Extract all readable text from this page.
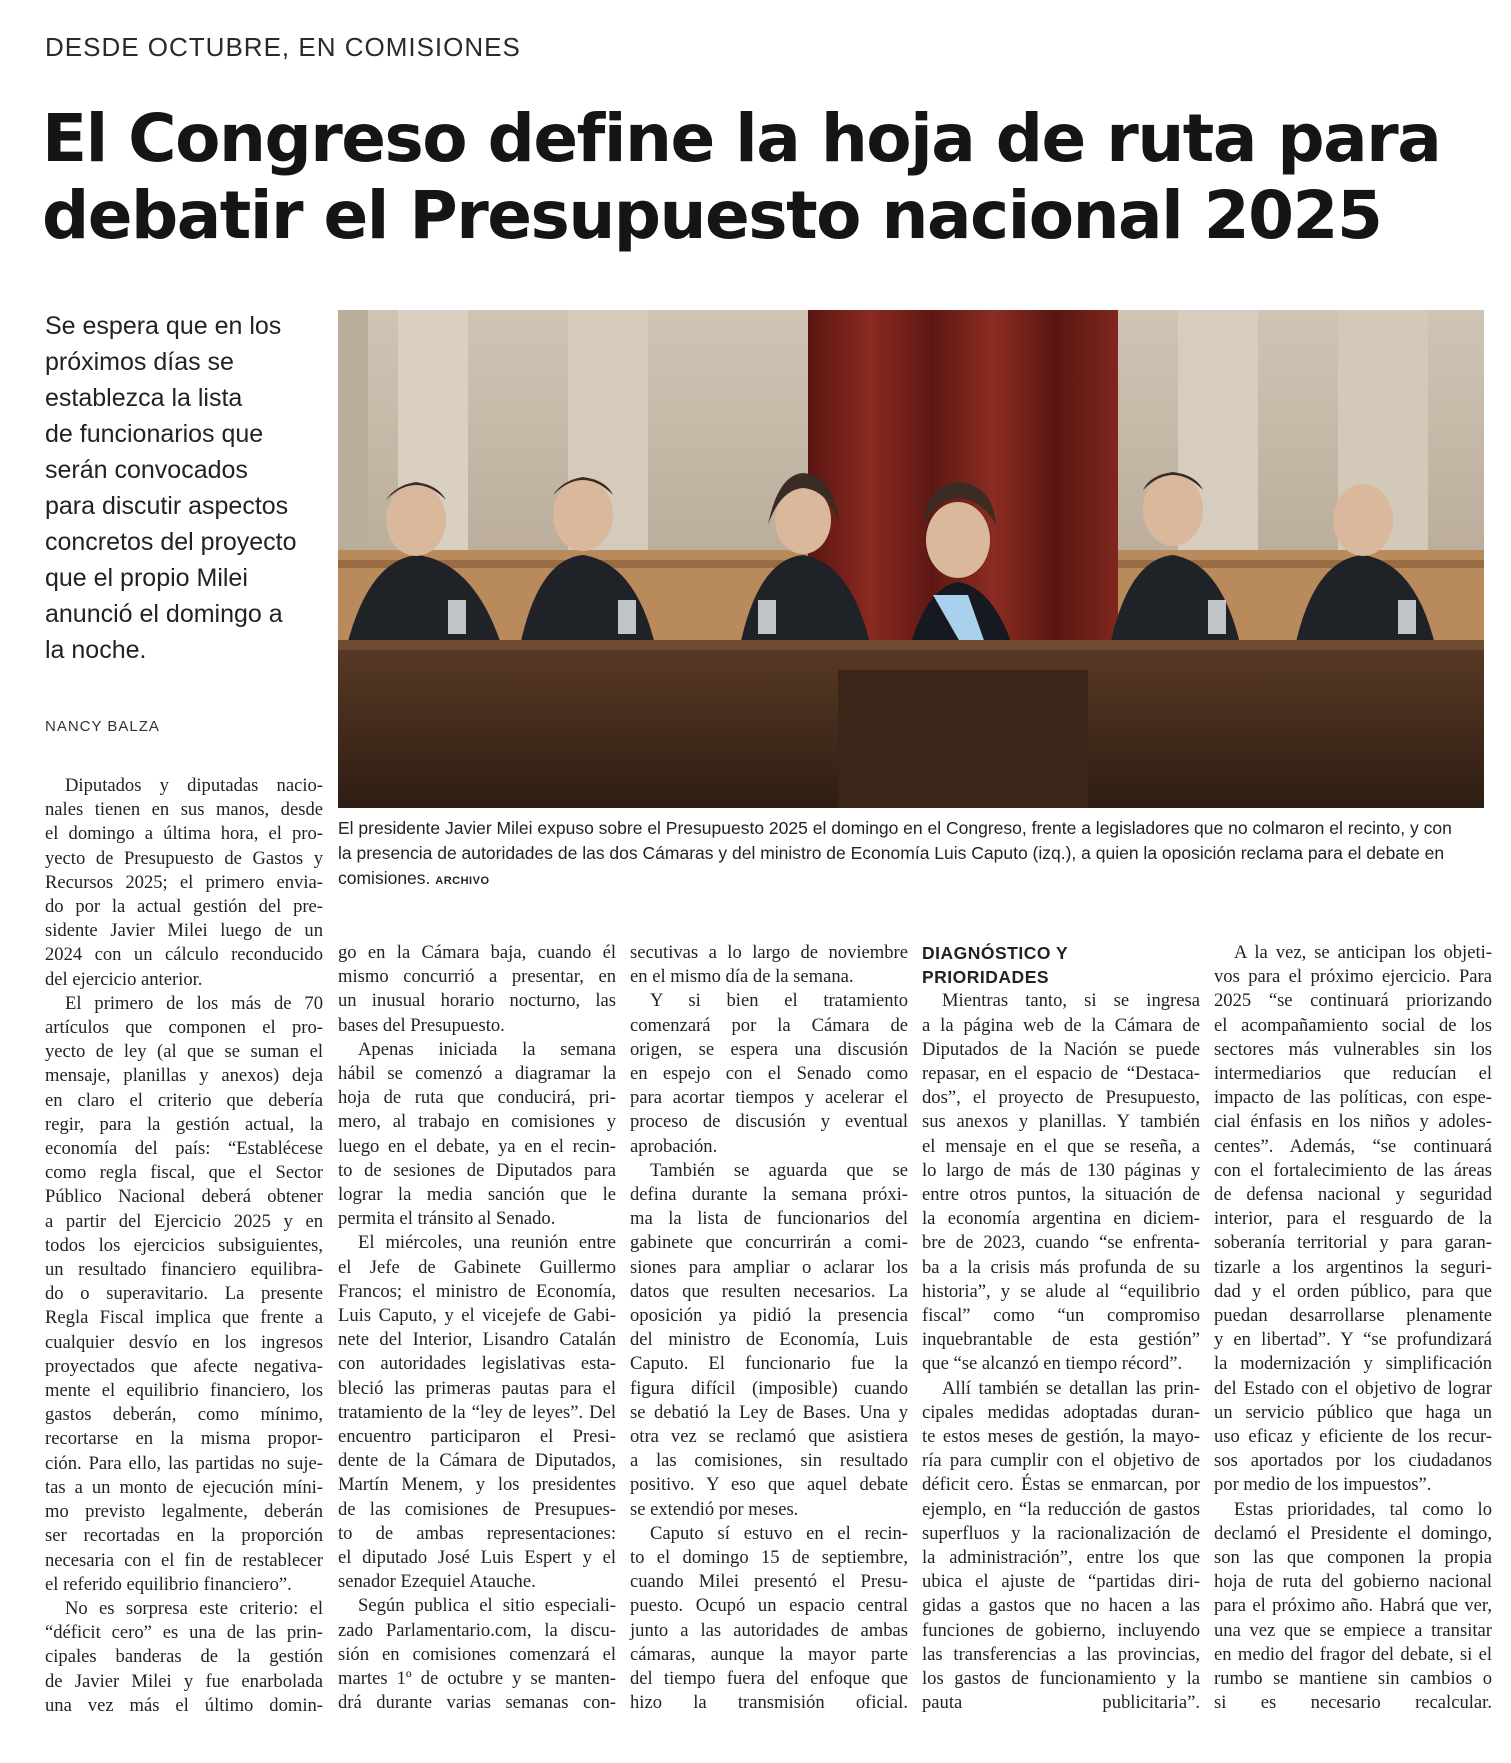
DESDE OCTUBRE, EN COMISIONES
El Congreso define la hoja de ruta para
debatir el Presupuesto nacional 2025
Se espera que en los
próximos días se
establezca la lista
de funcionarios que
serán convocados
para discutir aspectos
concretos del proyecto
que el propio Milei
anunció el domingo a
la noche.
NANCY BALZA
El presidente Javier Milei expuso sobre el Presupuesto 2025 el domingo en el Congreso, frente a legisladores que no colmaron el recinto, y con
la presencia de autoridades de las dos Cámaras y del ministro de Economía Luis Caputo (izq.), a quien la oposición reclama para el debate en
comisiones. ARCHIVO
Diputados y diputadas nacio-
nales tienen en sus manos, desde
el domingo a última hora, el pro-
yecto de Presupuesto de Gastos y
Recursos 2025; el primero envia-
do por la actual gestión del pre-
sidente Javier Milei luego de un
2024 con un cálculo reconducido
del ejercicio anterior.
El primero de los más de 70
artículos que componen el pro-
yecto de ley (al que se suman el
mensaje, planillas y anexos) deja
en claro el criterio que debería
regir, para la gestión actual, la
economía del país: “Establécese
como regla fiscal, que el Sector
Público Nacional deberá obtener
a partir del Ejercicio 2025 y en
todos los ejercicios subsiguientes,
un resultado financiero equilibra-
do o superavitario. La presente
Regla Fiscal implica que frente a
cualquier desvío en los ingresos
proyectados que afecte negativa-
mente el equilibrio financiero, los
gastos deberán, como mínimo,
recortarse en la misma propor-
ción. Para ello, las partidas no suje-
tas a un monto de ejecución míni-
mo previsto legalmente, deberán
ser recortadas en la proporción
necesaria con el fin de restablecer
el referido equilibrio financiero”.
No es sorpresa este criterio: el
“déficit cero” es una de las prin-
cipales banderas de la gestión
de Javier Milei y fue enarbolada
una vez más el último domin-
go en la Cámara baja, cuando él
mismo concurrió a presentar, en
un inusual horario nocturno, las
bases del Presupuesto.
Apenas iniciada la semana
hábil se comenzó a diagramar la
hoja de ruta que conducirá, pri-
mero, al trabajo en comisiones y
luego en el debate, ya en el recin-
to de sesiones de Diputados para
lograr la media sanción que le
permita el tránsito al Senado.
El miércoles, una reunión entre
el Jefe de Gabinete Guillermo
Francos; el ministro de Economía,
Luis Caputo, y el vicejefe de Gabi-
nete del Interior, Lisandro Catalán
con autoridades legislativas esta-
bleció las primeras pautas para el
tratamiento de la “ley de leyes”. Del
encuentro participaron el Presi-
dente de la Cámara de Diputados,
Martín Menem, y los presidentes
de las comisiones de Presupues-
to de ambas representaciones:
el diputado José Luis Espert y el
senador Ezequiel Atauche.
Según publica el sitio especiali-
zado Parlamentario.com, la discu-
sión en comisiones comenzará el
martes 1º de octubre y se manten-
drá durante varias semanas con-
secutivas a lo largo de noviembre
en el mismo día de la semana.
Y si bien el tratamiento
comenzará por la Cámara de
origen, se espera una discusión
en espejo con el Senado como
para acortar tiempos y acelerar el
proceso de discusión y eventual
aprobación.
También se aguarda que se
defina durante la semana próxi-
ma la lista de funcionarios del
gabinete que concurrirán a comi-
siones para ampliar o aclarar los
datos que resulten necesarios. La
oposición ya pidió la presencia
del ministro de Economía, Luis
Caputo. El funcionario fue la
figura difícil (imposible) cuando
se debatió la Ley de Bases. Una y
otra vez se reclamó que asistiera
a las comisiones, sin resultado
positivo. Y eso que aquel debate
se extendió por meses.
Caputo sí estuvo en el recin-
to el domingo 15 de septiembre,
cuando Milei presentó el Presu-
puesto. Ocupó un espacio central
junto a las autoridades de ambas
cámaras, aunque la mayor parte
del tiempo fuera del enfoque que
hizo la transmisión oficial.
DIAGNÓSTICO Y
PRIORIDADES
Mientras tanto, si se ingresa
a la página web de la Cámara de
Diputados de la Nación se puede
repasar, en el espacio de “Destaca-
dos”, el proyecto de Presupuesto,
sus anexos y planillas. Y también
el mensaje en el que se reseña, a
lo largo de más de 130 páginas y
entre otros puntos, la situación de
la economía argentina en diciem-
bre de 2023, cuando “se enfrenta-
ba a la crisis más profunda de su
historia”, y se alude al “equilibrio
fiscal” como “un compromiso
inquebrantable de esta gestión”
que “se alcanzó en tiempo récord”.
Allí también se detallan las prin-
cipales medidas adoptadas duran-
te estos meses de gestión, la mayo-
ría para cumplir con el objetivo de
déficit cero. Éstas se enmarcan, por
ejemplo, en “la reducción de gastos
superfluos y la racionalización de
la administración”, entre los que
ubica el ajuste de “partidas diri-
gidas a gastos que no hacen a las
funciones de gobierno, incluyendo
las transferencias a las provincias,
los gastos de funcionamiento y la
pauta publicitaria”.
A la vez, se anticipan los objeti-
vos para el próximo ejercicio. Para
2025 “se continuará priorizando
el acompañamiento social de los
sectores más vulnerables sin los
intermediarios que reducían el
impacto de las políticas, con espe-
cial énfasis en los niños y adoles-
centes”. Además, “se continuará
con el fortalecimiento de las áreas
de defensa nacional y seguridad
interior, para el resguardo de la
soberanía territorial y para garan-
tizarle a los argentinos la seguri-
dad y el orden público, para que
puedan desarrollarse plenamente
y en libertad”. Y “se profundizará
la modernización y simplificación
del Estado con el objetivo de lograr
un servicio público que haga un
uso eficaz y eficiente de los recur-
sos aportados por los ciudadanos
por medio de los impuestos”.
Estas prioridades, tal como lo
declamó el Presidente el domingo,
son las que componen la propia
hoja de ruta del gobierno nacional
para el próximo año. Habrá que ver,
una vez que se empiece a transitar
en medio del fragor del debate, si el
rumbo se mantiene sin cambios o
si es necesario recalcular.
